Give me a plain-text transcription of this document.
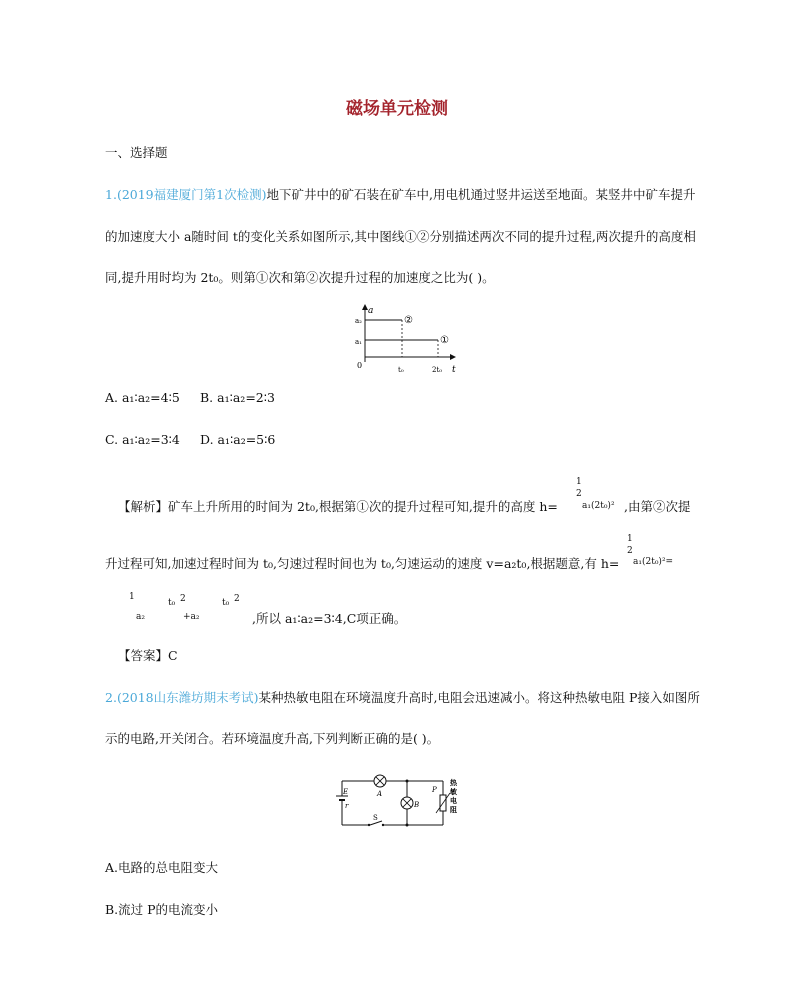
磁场单元检测
一、选择题
1.(2019福建厦门第1次检测)地下矿井中的矿石装在矿车中,用电机通过竖井运送至地面。某竖井中矿车提升
的加速度大小 a随时间 t的变化关系如图所示,其中图线①②分别描述两次不同的提升过程,两次提升的高度相
同,提升用时均为 2t₀。则第①次和第②次提升过程的加速度之比为( )。
a
t
a₂
a₁
0
②
①
t₀	2t₀
A. a₁∶a₂=4∶5 B. a₁∶a₂=2∶3
C. a₁∶a₂=3∶4 D. a₁∶a₂=5∶6
【解析】矿车上升所用的时间为 2t₀,根据第①次的提升过程可知,提升的高度 h=
1
2
a₁(2t₀)² ,由第②次提
升过程可知,加速过程时间为 t₀,匀速过程时间也为 t₀,匀速运动的速度 v=a₂t₀,根据题意,有 h=
1
2
a₁(2t₀)²=
1
a₂
t₀ 2
+a₂
t₀ 2
,所以 a₁∶a₂=3∶4,C项正确。
【答案】C
2.(2018山东潍坊期末考试)某种热敏电阻在环境温度升高时,电阻会迅速减小。将这种热敏电阻 P接入如图所
示的电路,开关闭合。若环境温度升高,下列判断正确的是( )。
A
E
r
S
B
P
热
敏
电
阻
A.电路的总电阻变大
B.流过 P的电流变小
